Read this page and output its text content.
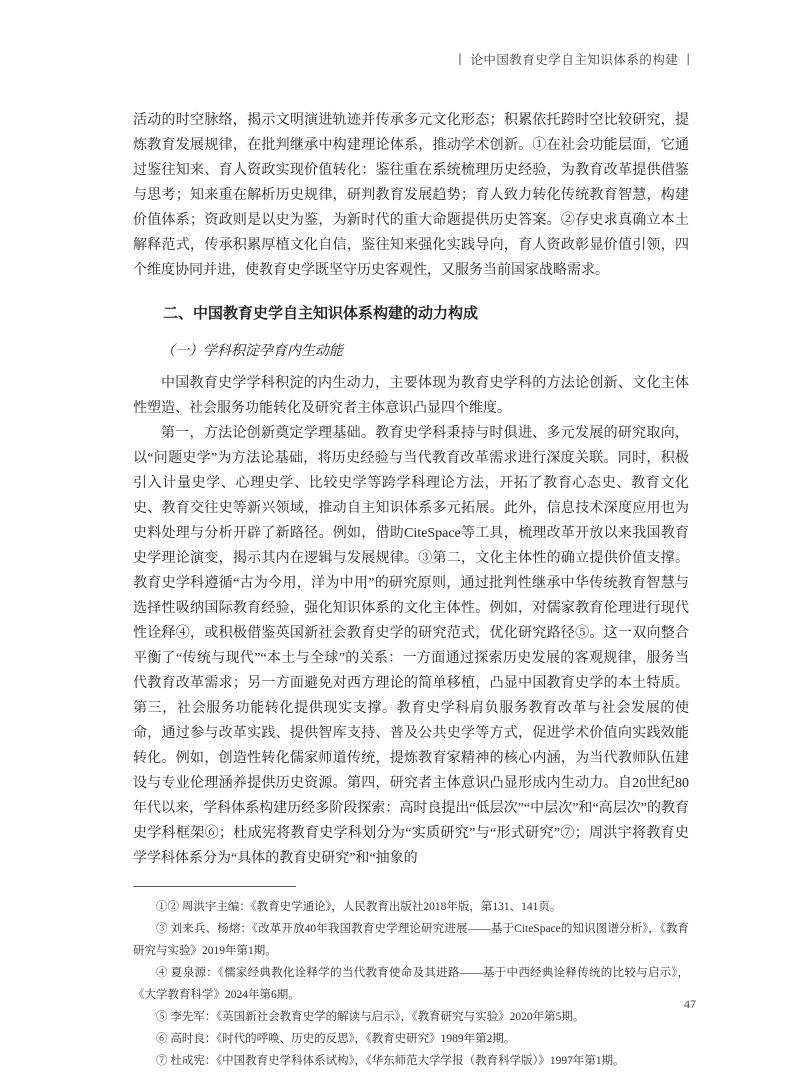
丨 论中国教育史学自主知识体系的构建 丨

活动的时空脉络，揭示文明演进轨迹并传承多元文化形态；积累依托跨时空比较研究，提炼教育发展规律，在批判继承中构建理论体系，推动学术创新。①在社会功能层面，它通过鉴往知来、育人资政实现价值转化：鉴往重在系统梳理历史经验，为教育改革提供借鉴与思考；知来重在解析历史规律，研判教育发展趋势；育人致力转化传统教育智慧，构建价值体系；资政则是以史为鉴，为新时代的重大命题提供历史答案。②存史求真确立本土解释范式，传承积累厚植文化自信，鉴往知来强化实践导向，育人资政彰显价值引领，四个维度协同并进，使教育史学既坚守历史客观性，又服务当前国家战略需求。

二、中国教育史学自主知识体系构建的动力构成
（一）学科积淀孕育内生动能

中国教育史学学科积淀的内生动力，主要体现为教育史学科的方法论创新、文化主体性塑造、社会服务功能转化及研究者主体意识凸显四个维度。

第一，方法论创新奠定学理基础。教育史学科秉持与时俱进、多元发展的研究取向，以“问题史学”为方法论基础，将历史经验与当代教育改革需求进行深度关联。同时，积极引入计量史学、心理史学、比较史学等跨学科理论方法，开拓了教育心态史、教育文化史、教育交往史等新兴领域，推动自主知识体系多元拓展。此外，信息技术深度应用也为史料处理与分析开辟了新路径。例如，借助CiteSpace等工具，梳理改革开放以来我国教育史学理论演变，揭示其内在逻辑与发展规律。③第二，文化主体性的确立提供价值支撑。教育史学科遵循“古为今用，洋为中用”的研究原则，通过批判性继承中华传统教育智慧与选择性吸纳国际教育经验，强化知识体系的文化主体性。例如，对儒家教育伦理进行现代性诠释④，或积极借鉴英国新社会教育史学的研究范式，优化研究路径⑤。这一双向整合平衡了“传统与现代”“本土与全球”的关系：一方面通过探索历史发展的客观规律，服务当代教育改革需求；另一方面避免对西方理论的简单移植，凸显中国教育史学的本土特质。第三，社会服务功能转化提供现实支撑。教育史学科肩负服务教育改革与社会发展的使命，通过参与改革实践、提供智库支持、普及公共史学等方式，促进学术价值向实践效能转化。例如，创造性转化儒家师道传统，提炼教育家精神的核心内涵，为当代教师队伍建设与专业伦理涵养提供历史资源。第四，研究者主体意识凸显形成内生动力。自20世纪80年代以来，学科体系构建历经多阶段探索：高时良提出“低层次”“中层次”和“高层次”的教育史学科框架⑥；杜成宪将教育史学科划分为“实质研究”与“形式研究”⑦；周洪宇将教育史学学科体系分为“具体的教育史研究”和“抽象的

①② 周洪宇主编：《教育史学通论》，人民教育出版社2018年版，第131、141页。

③ 刘来兵、杨熔：《改革开放40年我国教育史学理论研究进展——基于CiteSpace的知识图谱分析》，《教育研究与实验》2019年第1期。

④ 夏泉源：《儒家经典教化诠释学的当代教育使命及其进路——基于中西经典诠释传统的比较与启示》，《大学教育科学》2024年第6期。

⑤ 李先军：《英国新社会教育史学的解读与启示》，《教育研究与实验》2020年第5期。

⑥ 高时良：《时代的呼唤、历史的反思》，《教育史研究》1989年第2期。

⑦ 杜成宪：《中国教育史学科体系试构》，《华东师范大学学报（教育科学版）》1997年第1期。

47
